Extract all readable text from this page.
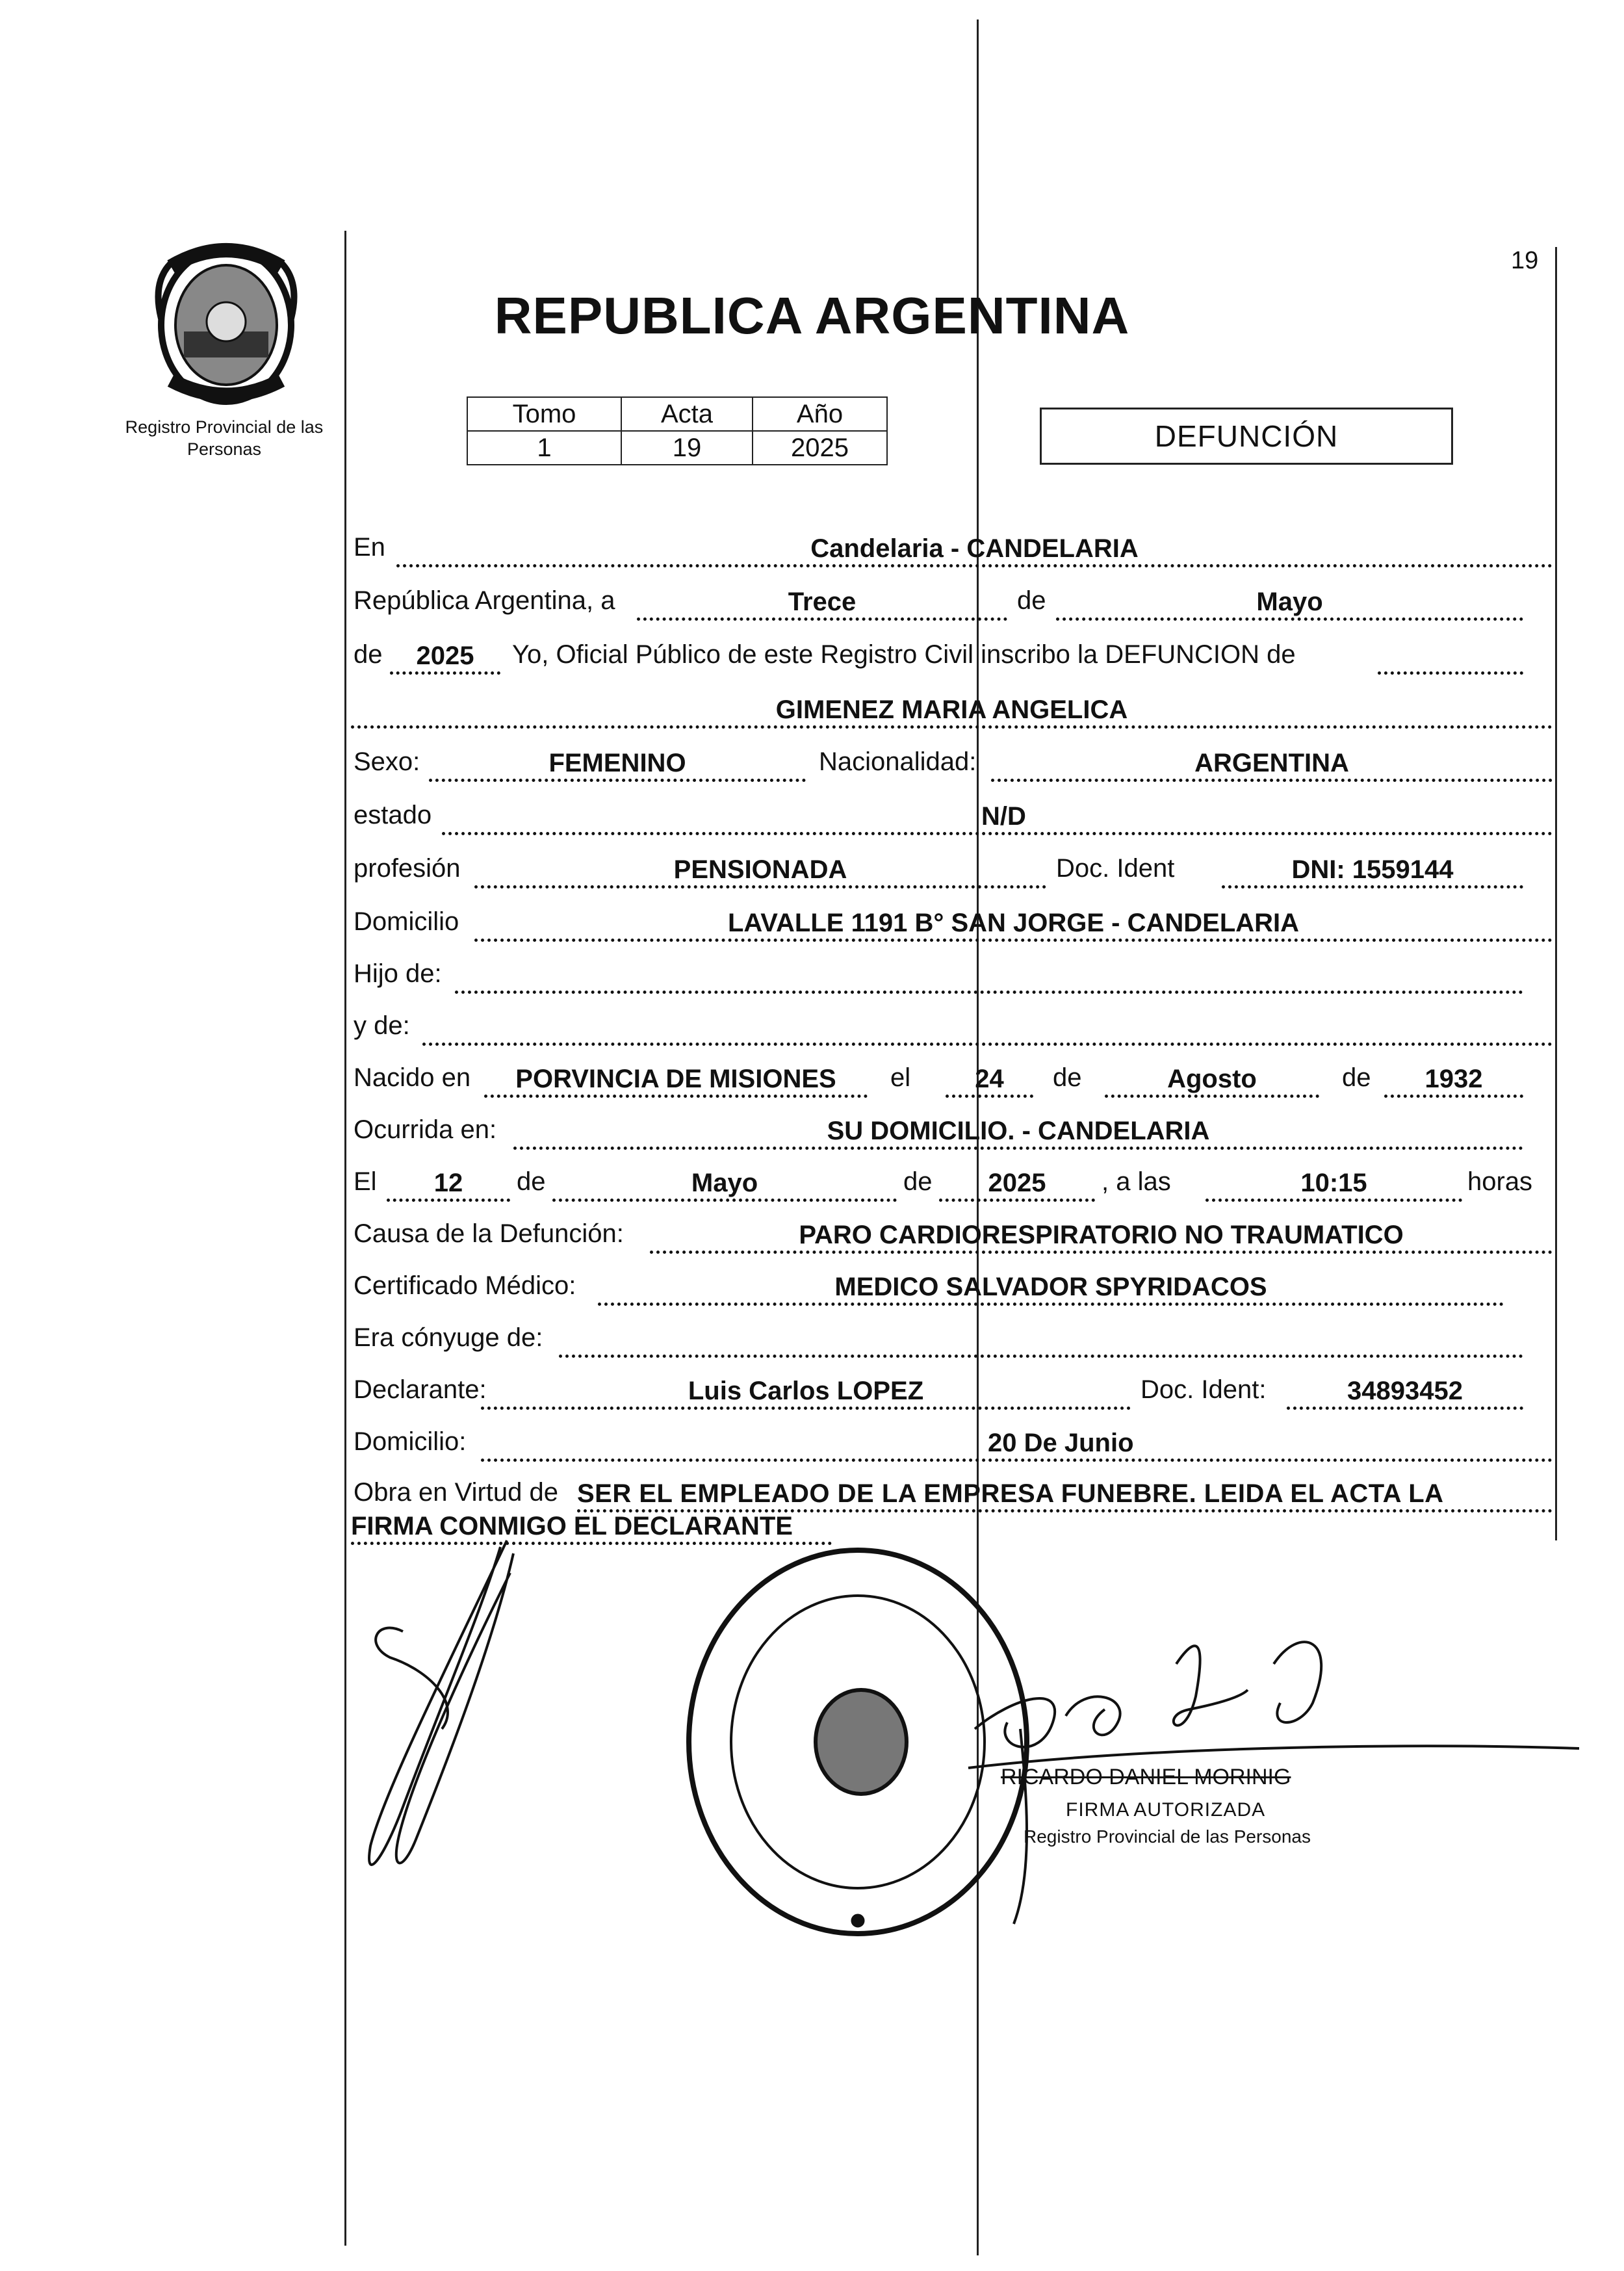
Registro Provincial de las Personas
19
REPUBLICA ARGENTINA
Tomo	Acta	Año
1	19	2025	DEFUNCIÓN
En	Candelaria - CANDELARIA
República Argentina, a	Trece	de	Mayo
de	2025	Yo, Oficial Público de este Registro Civil inscribo la DEFUNCION de
GIMENEZ MARIA ANGELICA
Sexo:	FEMENINO	Nacionalidad:	ARGENTINA
estado	N/D
profesión	PENSIONADA	Doc. Ident	DNI: 1559144
Domicilio	LAVALLE 1191 B° SAN JORGE - CANDELARIA
Hijo de:
y de:
Nacido en	PORVINCIA DE MISIONES	el	24	de	Agosto	de	1932
Ocurrida en:	SU DOMICILIO. - CANDELARIA
El	12	de	Mayo	de	2025	, a las	10:15	horas
Causa de la Defunción:	PARO CARDIORESPIRATORIO NO TRAUMATICO
Certificado Médico:	MEDICO SALVADOR SPYRIDACOS
Era cónyuge de:
Declarante:	Luis Carlos LOPEZ	Doc. Ident:	34893452
Domicilio:	20 De Junio
Obra en Virtud de SER EL EMPLEADO DE LA EMPRESA FUNEBRE. LEIDA EL ACTA LA
FIRMA CONMIGO EL DECLARANTE
RICARDO DANIEL MORINIG
FIRMA AUTORIZADA
Registro Provincial de las Personas
